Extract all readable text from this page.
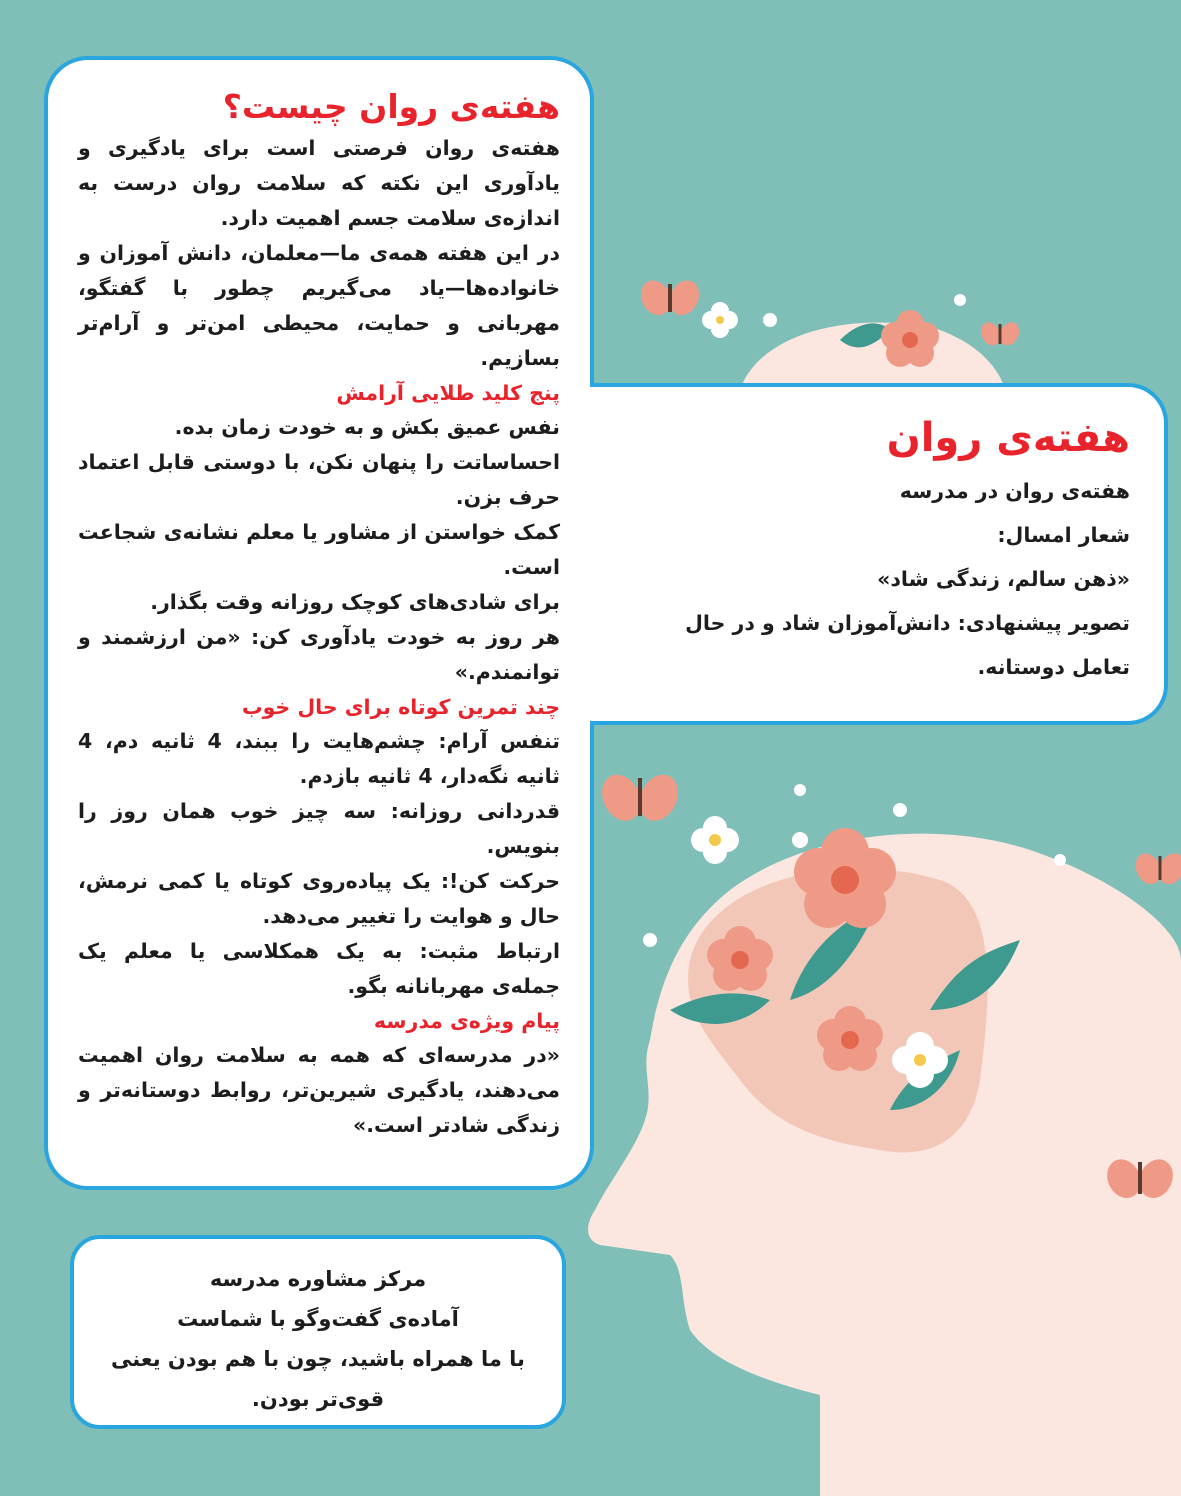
هفته‌ی روان چیست؟

هفته‌ی روان فرصتی است برای یادگیری و یادآوری این نکته که سلامت روان درست به اندازه‌ی سلامت جسم اهمیت دارد.

در این هفته همه‌ی ما—معلمان، دانش آموزان و خانواده‌ها—یاد می‌گیریم چطور با گفتگو، مهربانی و حمایت، محیطی امن‌تر و آرام‌تر بسازیم.

پنج کلید طلایی آرامش

نفس عمیق بکش و به خودت زمان بده.

احساساتت را پنهان نکن، با دوستی قابل اعتماد حرف بزن.

کمک خواستن از مشاور یا معلم نشانه‌ی شجاعت است.

برای شادی‌های کوچک روزانه وقت بگذار.

هر روز به خودت یادآوری کن: «من ارزشمند و توانمندم.»

چند تمرین کوتاه برای حال خوب

تنفس آرام: چشم‌هایت را ببند، 4 ثانیه دم، 4 ثانیه نگه‌دار، 4 ثانیه بازدم.

قدردانی روزانه: سه چیز خوب همان روز را بنویس.

حرکت کن!: یک پیاده‌روی کوتاه یا کمی نرمش، حال و هوایت را تغییر می‌دهد.

ارتباط مثبت: به یک همکلاسی یا معلم یک جمله‌ی مهربانانه بگو.

پیام ویژه‌ی مدرسه

«در مدرسه‌ای که همه به سلامت روان اهمیت می‌دهند، یادگیری شیرین‌تر، روابط دوستانه‌تر و زندگی شادتر است.»

هفته‌ی روان

هفته‌ی روان در مدرسه

شعار امسال:

«ذهن سالم، زندگی شاد»

تصویر پیشنهادی: دانش‌آموزان شاد و در حال تعامل دوستانه.

مرکز مشاوره مدرسه

آماده‌ی گفت‌وگو با شماست

با ما همراه باشید، چون با هم بودن یعنی قوی‌تر بودن.
